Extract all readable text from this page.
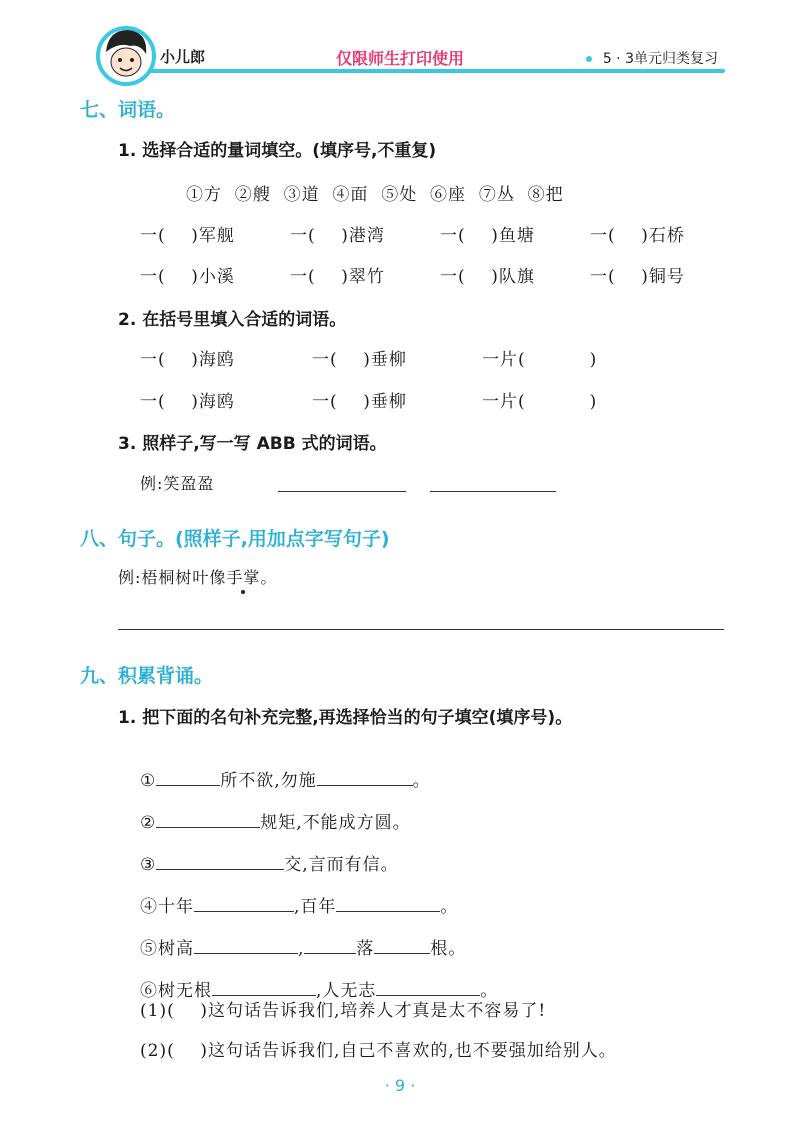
小儿郎	仅限师生打印使用	5 · 3单元归类复习
七、词语。
1. 选择合适的量词填空。(填序号,不重复)
①方  ②艘  ③道  ④面  ⑤处  ⑥座  ⑦丛  ⑧把
一(    )军舰	一(    )港湾	一(    )鱼塘	一(    )石桥
一(    )小溪	一(    )翠竹	一(    )队旗	一(    )铜号
2. 在括号里填入合适的词语。
一(    )海鸥	一(    )垂柳	一片(          )
一(    )海鸥	一(    )垂柳	一片(          )
3. 照样子,写一写 ABB 式的词语。
例:笑盈盈
八、句子。(照样子,用加点字写句子)
例:梧桐树叶像手掌。
九、积累背诵。
1. 把下面的名句补充完整,再选择恰当的句子填空(填序号)。

①	所不欲,勿施	。

②	规矩,不能成方圆。

③	交,言而有信。

④十年	,百年	。

⑤树高	,	落	根。

⑥树无根	,人无志	。
(1)(    )这句话告诉我们,培养人才真是太不容易了!
(2)(    )这句话告诉我们,自己不喜欢的,也不要强加给别人。
· 9 ·
